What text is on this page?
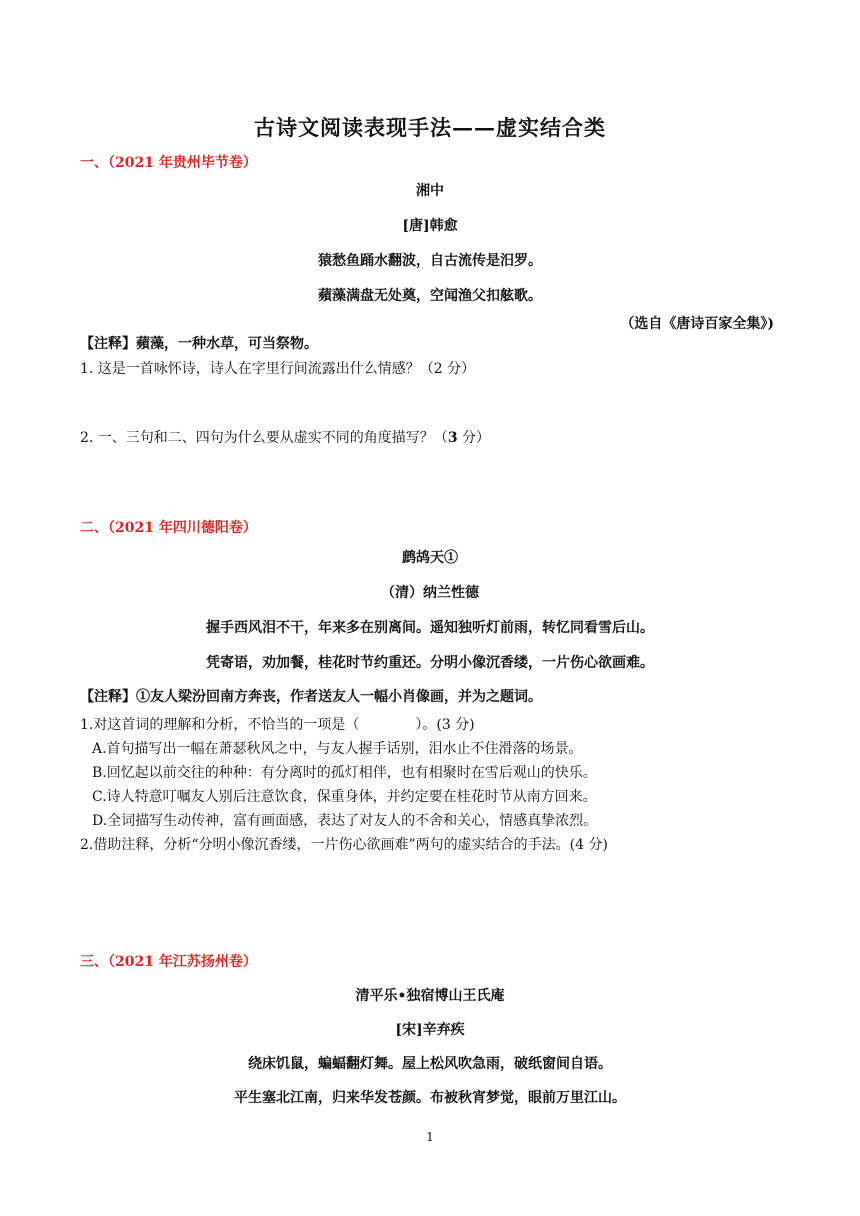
古诗文阅读表现手法——虚实结合类
一、（2021 年贵州毕节卷）
湘中
[唐]韩愈
猿愁鱼踊水翻波，自古流传是汨罗。
蘋藻满盘无处奠，空闻渔父扣舷歌。
（选自《唐诗百家全集》)
【注释】蘋藻，一种水草，可当祭物。
1. 这是一首咏怀诗，诗人在字里行间流露出什么情感？（2 分）
2. 一、三句和二、四句为什么要从虚实不同的角度描写？（3 分）
二、（2021 年四川德阳卷）
鹧鸪天①
（清）纳兰性德
握手西风泪不干，年来多在别离间。遥知独听灯前雨，转忆同看雪后山。
凭寄语，劝加餐，桂花时节约重还。分明小像沉香缕，一片伤心欲画难。
【注释】①友人梁汾回南方奔丧，作者送友人一幅小肖像画，并为之题词。
1.对这首词的理解和分析，不恰当的一项是（　　　　）。(3 分)
A.首句描写出一幅在萧瑟秋风之中，与友人握手话别，泪水止不住滑落的场景。
B.回忆起以前交往的种种：有分离时的孤灯相伴，也有相聚时在雪后观山的快乐。
C.诗人特意叮嘱友人别后注意饮食，保重身体，并约定要在桂花时节从南方回来。
D.全词描写生动传神，富有画面感，表达了对友人的不舍和关心，情感真挚浓烈。
2.借助注释，分析“分明小像沉香缕，一片伤心欲画难”两句的虚实结合的手法。(4 分)
三、（2021 年江苏扬州卷）
清平乐•独宿博山王氏庵
[宋]辛弃疾
绕床饥鼠，蝙蝠翻灯舞。屋上松风吹急雨，破纸窗间自语。
平生塞北江南，归来华发苍颜。布被秋宵梦觉，眼前万里江山。
1
